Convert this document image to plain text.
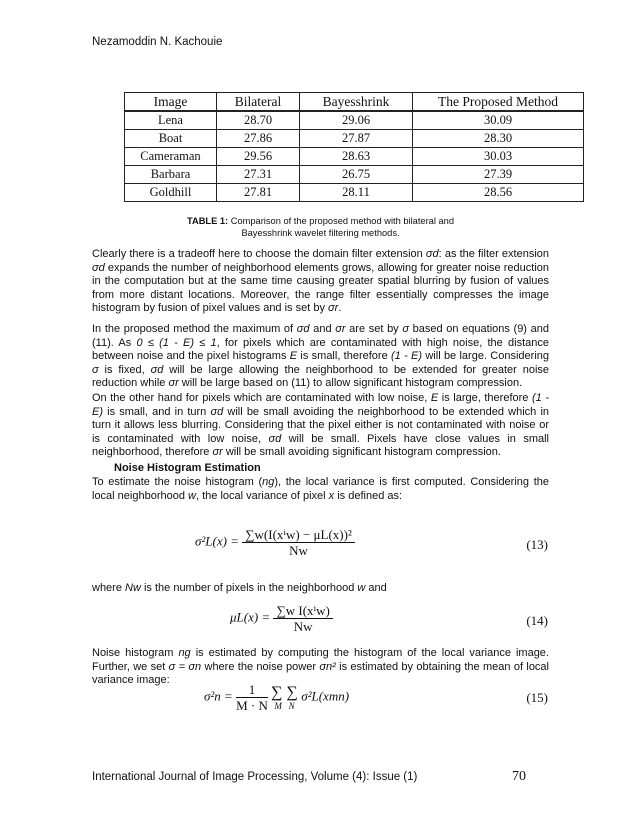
Nezamoddin N. Kachouie
Image	Bilateral	Bayesshrink	The Proposed Method
Lena	28.70	29.06	30.09
Boat	27.86	27.87	28.30
Cameraman	29.56	28.63	30.03
Barbara	27.31	26.75	27.39
Goldhill	27.81	28.11	28.56
TABLE 1: Comparison of the proposed method with bilateral and
Bayesshrink wavelet filtering methods.

Clearly there is a tradeoff here to choose the domain filter extension σd: as the filter extension σd expands the number of neighborhood elements grows, allowing for greater noise reduction in the computation but at the same time causing greater spatial blurring by fusion of values from more distant locations. Moreover, the range filter essentially compresses the image histogram by fusion of pixel values and is set by σr.

In the proposed method the maximum of σd and σr are set by σ based on equations (9) and (11). As 0 ≤ (1 - E) ≤ 1, for pixels which are contaminated with high noise, the distance between noise and the pixel histograms E is small, therefore (1 - E) will be large. Considering σ is fixed, σd will be large allowing the neighborhood to be extended for greater noise reduction while σr will be large based on (11) to allow significant histogram compression.

On the other hand for pixels which are contaminated with low noise, E is large, therefore (1 - E) is small, and in turn σd will be small avoiding the neighborhood to be extended which in turn it allows less blurring. Considering that the pixel either is not contaminated with noise or is contaminated with low noise, σd will be small. Pixels have close values in small neighborhood, therefore σr will be small avoiding significant histogram compression.

Noise Histogram Estimation

To estimate the noise histogram (ng), the local variance is first computed. Considering the local neighborhood w, the local variance of pixel x is defined as:

$\sigma^2L(x) = \frac{\text{∑w(I(xⁱw) − μL(x))²}}{Nw}$	(13)

where Nw is the number of pixels in the neighborhood w and

$\mu L(x) = \frac{\text{∑w I(xⁱw)}}{Nw}$	(14)

Noise histogram ng is estimated by computing the histogram of the local variance image. Further, we set σ = σn where the noise power σn² is estimated by obtaining the mean of local variance image:

$\sigma^2n = \frac{1}{M \cdot N}$
∑ ∑
M   N
σ²L(xmn)	(15)
International Journal of Image Processing, Volume (4): Issue (1)	70
